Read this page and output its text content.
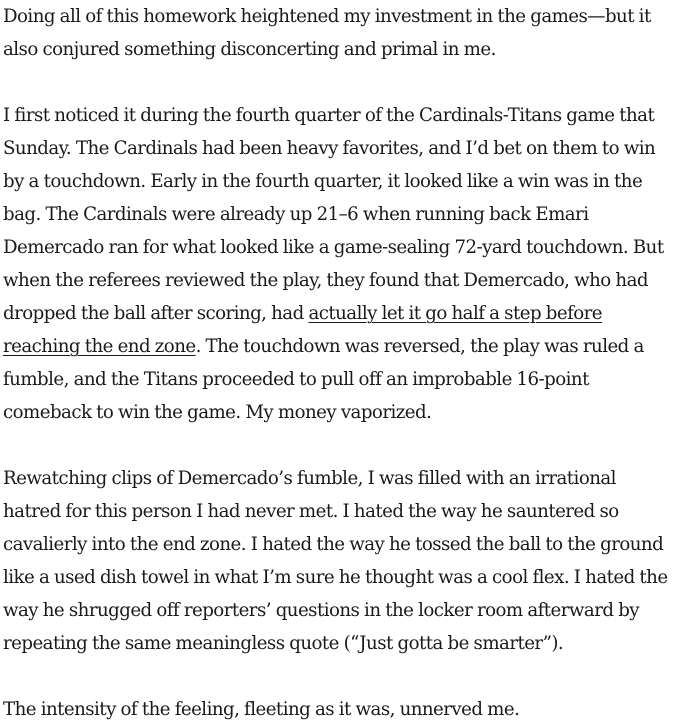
Doing all of this homework heightened my investment in the games—but it also conjured something disconcerting and primal in me.

I first noticed it during the fourth quarter of the Cardinals-Titans game that Sunday. The Cardinals had been heavy favorites, and I’d bet on them to win by a touchdown. Early in the fourth quarter, it looked like a win was in the bag. The Cardinals were already up 21–6 when running back Emari Demercado ran for what looked like a game-sealing 72-yard touchdown. But when the referees reviewed the play, they found that Demercado, who had dropped the ball after scoring, had actually let it go half a step before reaching the end zone. The touchdown was reversed, the play was ruled a fumble, and the Titans proceeded to pull off an improbable 16-point comeback to win the game. My money vaporized.

Rewatching clips of Demercado’s fumble, I was filled with an irrational hatred for this person I had never met. I hated the way he sauntered so cavalierly into the end zone. I hated the way he tossed the ball to the ground like a used dish towel in what I’m sure he thought was a cool flex. I hated the way he shrugged off reporters’ questions in the locker room afterward by repeating the same meaningless quote (“Just gotta be smarter”).

The intensity of the feeling, fleeting as it was, unnerved me.
